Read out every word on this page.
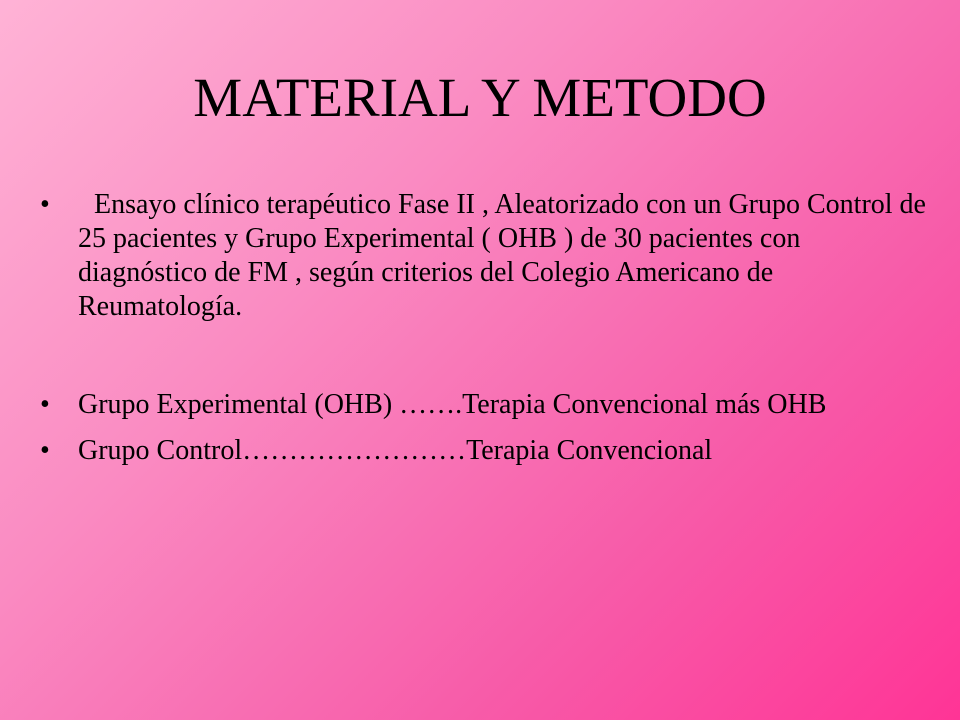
MATERIAL Y METODO
•	Ensayo clínico terapéutico Fase II , Aleatorizado con un Grupo Control de 25 pacientes y Grupo Experimental ( OHB ) de 30 pacientes con diagnóstico de FM , según criterios del Colegio Americano de Reumatología.
• Grupo Experimental (OHB) …….Terapia Convencional más OHB
• Grupo Control……………………Terapia Convencional
